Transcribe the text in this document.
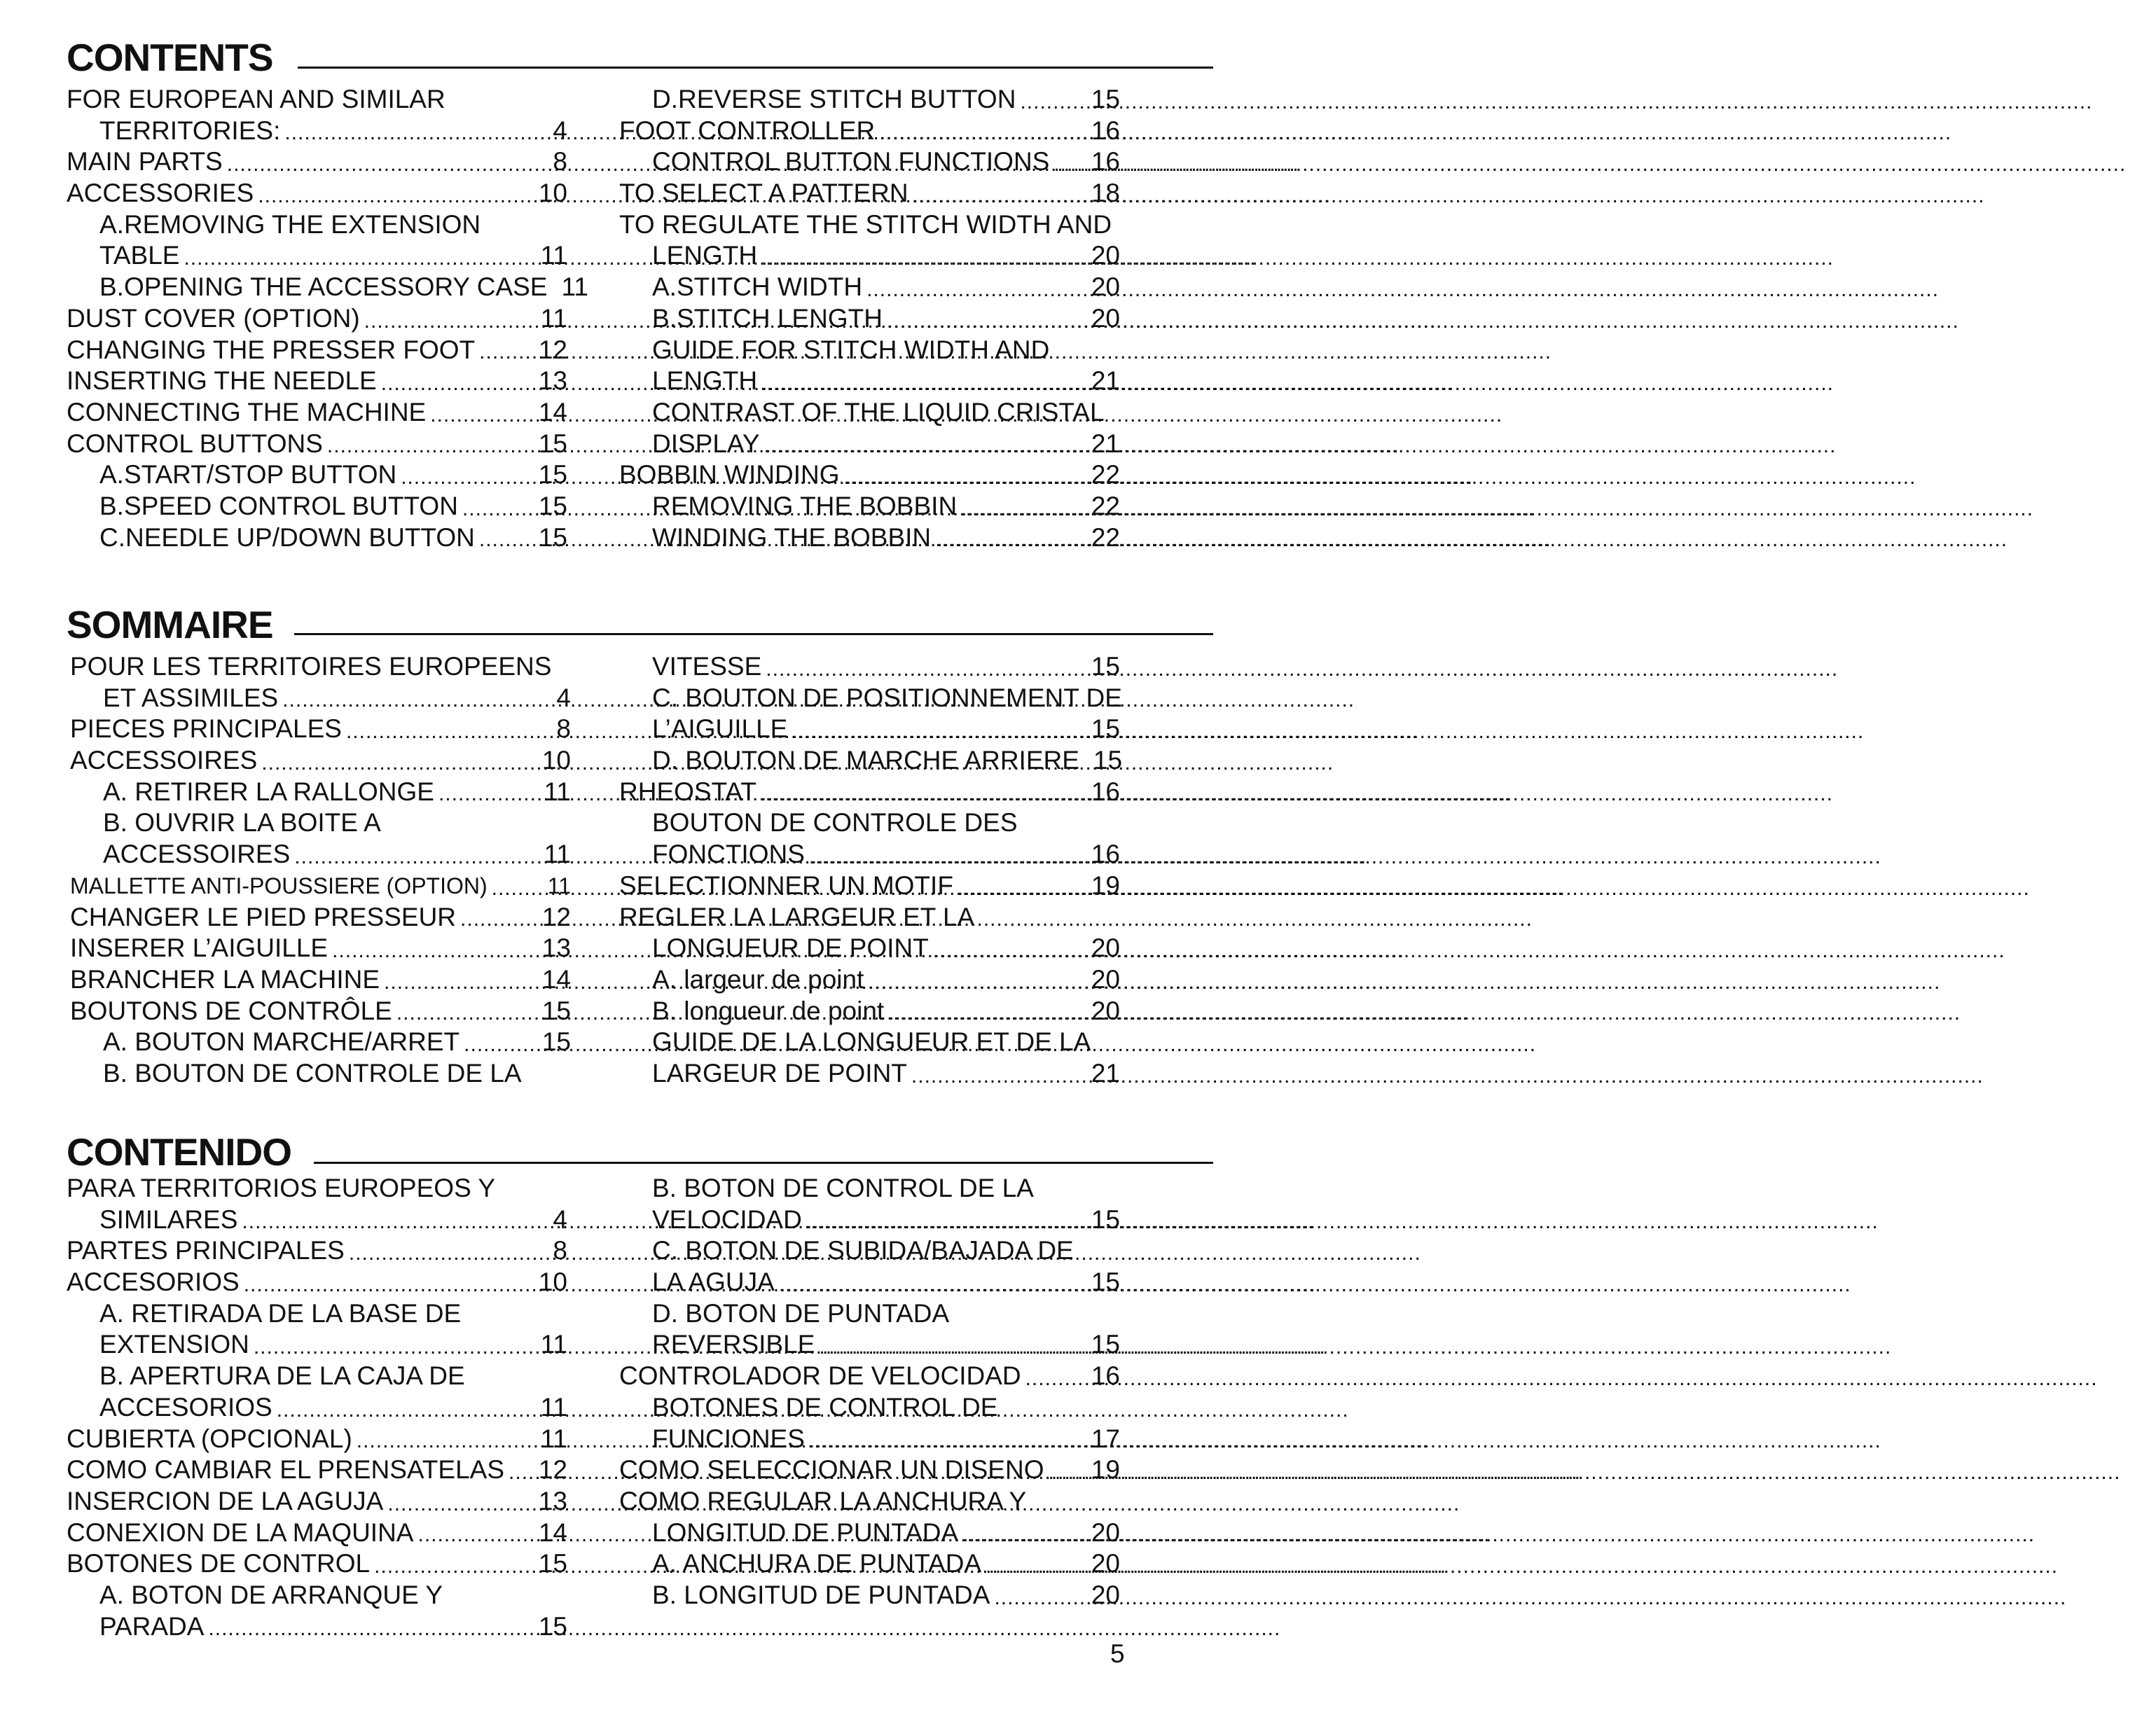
CONTENTS
FOR EUROPEAN AND SIMILAR
TERRITORIES: .....	4
MAIN PARTS .....	8
ACCESSORIES .....	10
A.REMOVING THE EXTENSION
TABLE .....	11
B.OPENING THE ACCESSORY CASE 11
DUST COVER (OPTION) .....	11
CHANGING THE PRESSER FOOT ..... 12
INSERTING THE NEEDLE .....	13
CONNECTING THE MACHINE .....	14
CONTROL BUTTONS .....	15
A.START/STOP BUTTON .....	15
B.SPEED CONTROL BUTTON .....	15
C.NEEDLE UP/DOWN BUTTON ..... 15
D.REVERSE STITCH BUTTON .....	15
FOOT CONTROLLER .....	16
CONTROL BUTTON FUNCTIONS ..... 16
TO SELECT A PATTERN .....	18
TO REGULATE THE STITCH WIDTH AND
LENGTH .....	20
A.STITCH WIDTH .....	20
B.STITCH LENGTH .....	20
GUIDE FOR STITCH WIDTH AND
LENGTH .....	21
CONTRAST OF THE LIQUID CRISTAL
DISPLAY .....	21
BOBBIN WINDING .....	22
REMOVING THE BOBBIN .....	22
WINDING THE BOBBIN .....	22
SOMMAIRE
POUR LES TERRITOIRES EUROPEENS
ET ASSIMILES .....	4
PIECES PRINCIPALES .....	8
ACCESSOIRES .....	10
A. RETIRER LA RALLONGE .....	11
B. OUVRIR LA BOITE A
ACCESSOIRES .....	11
MALLETTE ANTI-POUSSIERE (OPTION) .....	11
CHANGER LE PIED PRESSEUR .....	12
INSERER L’AIGUILLE .....	13
BRANCHER LA MACHINE .....	14
BOUTONS DE CONTRÔLE .....	15
A. BOUTON MARCHE/ARRET .....	15
B. BOUTON DE CONTROLE DE LA
VITESSE .....	15
C. BOUTON DE POSITIONNEMENT DE
L’AIGUILLE .....	15
D. BOUTON DE MARCHE ARRIERE 15
RHEOSTAT .....	16
BOUTON DE CONTROLE DES
FONCTIONS .....	16
SELECTIONNER UN MOTIF .....	19
REGLER LA LARGEUR ET LA
LONGUEUR DE POINT .....	20
A. largeur de point .....	20
B. longueur de point .....	20
GUIDE DE LA LONGUEUR ET DE LA
LARGEUR DE POINT .....	21
CONTENIDO
PARA TERRITORIOS EUROPEOS Y
SIMILARES .....	4
PARTES PRINCIPALES .....	8
ACCESORIOS .....	10
A. RETIRADA DE LA BASE DE
EXTENSION .....	11
B. APERTURA DE LA CAJA DE
ACCESORIOS .....	11
CUBIERTA (OPCIONAL) .....	11
COMO CAMBIAR EL PRENSATELAS ..... 12
INSERCION DE LA AGUJA .....	13
CONEXION DE LA MAQUINA .....	14
BOTONES DE CONTROL .....	15
A. BOTON DE ARRANQUE Y
PARADA .....	15
B. BOTON DE CONTROL DE LA
VELOCIDAD .....	15
C. BOTON DE SUBIDA/BAJADA DE
LA AGUJA .....	15
D. BOTON DE PUNTADA
REVERSIBLE .....	15
CONTROLADOR DE VELOCIDAD .....	16
BOTONES DE CONTROL DE
FUNCIONES .....	17
COMO SELECCIONAR UN DISENO ..... 19
COMO REGULAR LA ANCHURA Y
LONGITUD DE PUNTADA .....	20
A. ANCHURA DE PUNTADA .....	20
B. LONGITUD DE PUNTADA .....	20
5
